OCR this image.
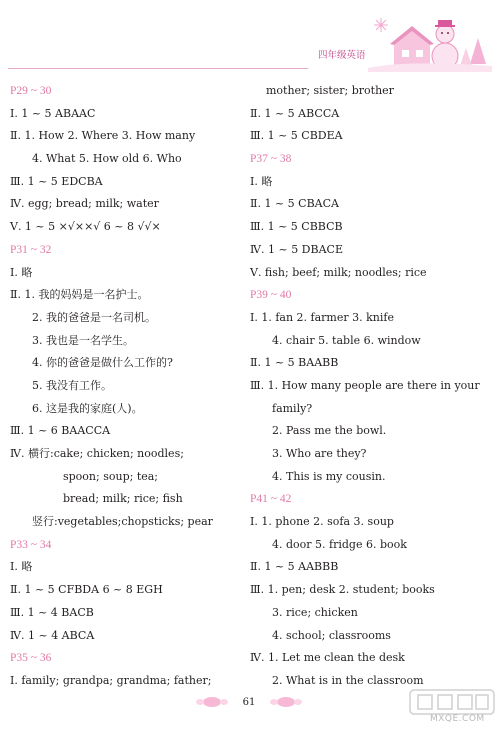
四年级英语
P29 ~ 30
Ⅰ. 1 ~ 5 ABAAC
Ⅱ. 1. How 2. Where 3. How many
4. What 5. How old 6. Who
Ⅲ. 1 ~ 5 EDCBA
Ⅳ. egg; bread; milk; water
Ⅴ. 1 ~ 5 ×√××√ 6 ~ 8 √√×
P31 ~ 32
Ⅰ. 略
Ⅱ. 1. 我的妈妈是一名护士。
2. 我的爸爸是一名司机。
3. 我也是一名学生。
4. 你的爸爸是做什么工作的?
5. 我没有工作。
6. 这是我的家庭(人)。
Ⅲ. 1 ~ 6 BAACCA
Ⅳ. 横行:cake; chicken; noodles;
spoon; soup; tea;
bread; milk; rice; fish
竖行:vegetables;chopsticks; pear
P33 ~ 34
Ⅰ. 略
Ⅱ. 1 ~ 5 CFBDA 6 ~ 8 EGH
Ⅲ. 1 ~ 4 BACB
Ⅳ. 1 ~ 4 ABCA
P35 ~ 36
Ⅰ. family; grandpa; grandma; father;
mother; sister; brother
Ⅱ. 1 ~ 5 ABCCA
Ⅲ. 1 ~ 5 CBDEA
P37 ~ 38
Ⅰ. 略
Ⅱ. 1 ~ 5 CBACA
Ⅲ. 1 ~ 5 CBBCB
Ⅳ. 1 ~ 5 DBACE
Ⅴ. fish; beef; milk; noodles; rice
P39 ~ 40
Ⅰ. 1. fan 2. farmer 3. knife
4. chair 5. table 6. window
Ⅱ. 1 ~ 5 BAABB
Ⅲ. 1. How many people are there in your
family?
2. Pass me the bowl.
3. Who are they?
4. This is my cousin.
P41 ~ 42
Ⅰ. 1. phone 2. sofa 3. soup
4. door 5. fridge 6. book
Ⅱ. 1 ~ 5 AABBB
Ⅲ. 1. pen; desk 2. student; books
3. rice; chicken
4. school; classrooms
Ⅳ. 1. Let me clean the desk
2. What is in the classroom
61
MXQE.COM
